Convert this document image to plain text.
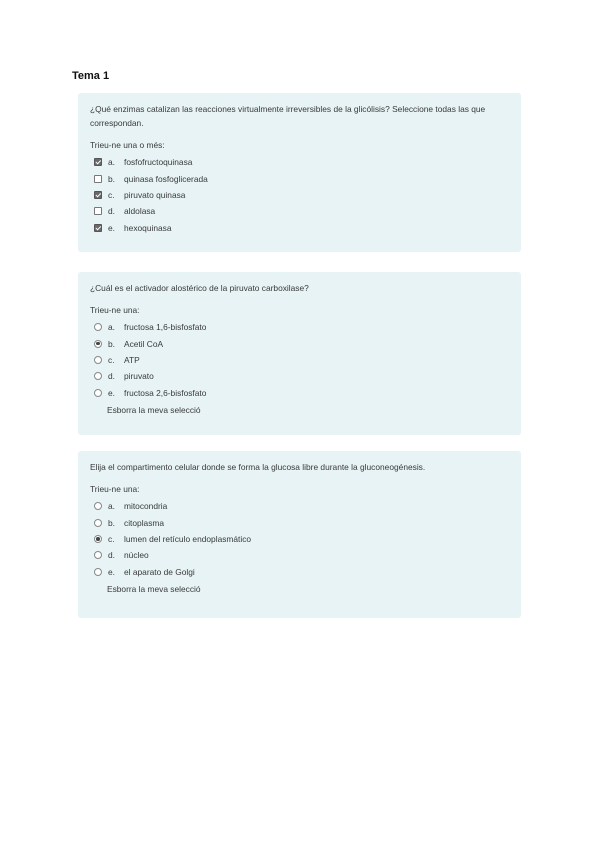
Tema 1

¿Qué enzimas catalizan las reacciones virtualmente irreversibles de la glicólisis? Seleccione todas las que correspondan.

Trieu-ne una o més:
a.	fosfofructoquinasa
b.	quinasa fosfoglicerada
c.	piruvato quinasa
d.	aldolasa
e.	hexoquinasa

¿Cuál es el activador alostérico de la piruvato carboxilase?

Trieu-ne una:
a.	fructosa 1,6-bisfosfato
b.	Acetil CoA
c.	ATP
d.	piruvato
e.	fructosa 2,6-bisfosfato
Esborra la meva selecció

Elija el compartimento celular donde se forma la glucosa libre durante la gluconeogénesis.

Trieu-ne una:
a.	mitocondria
b.	citoplasma
c.	lumen del retículo endoplasmático
d.	núcleo
e.	el aparato de Golgi
Esborra la meva selecció
